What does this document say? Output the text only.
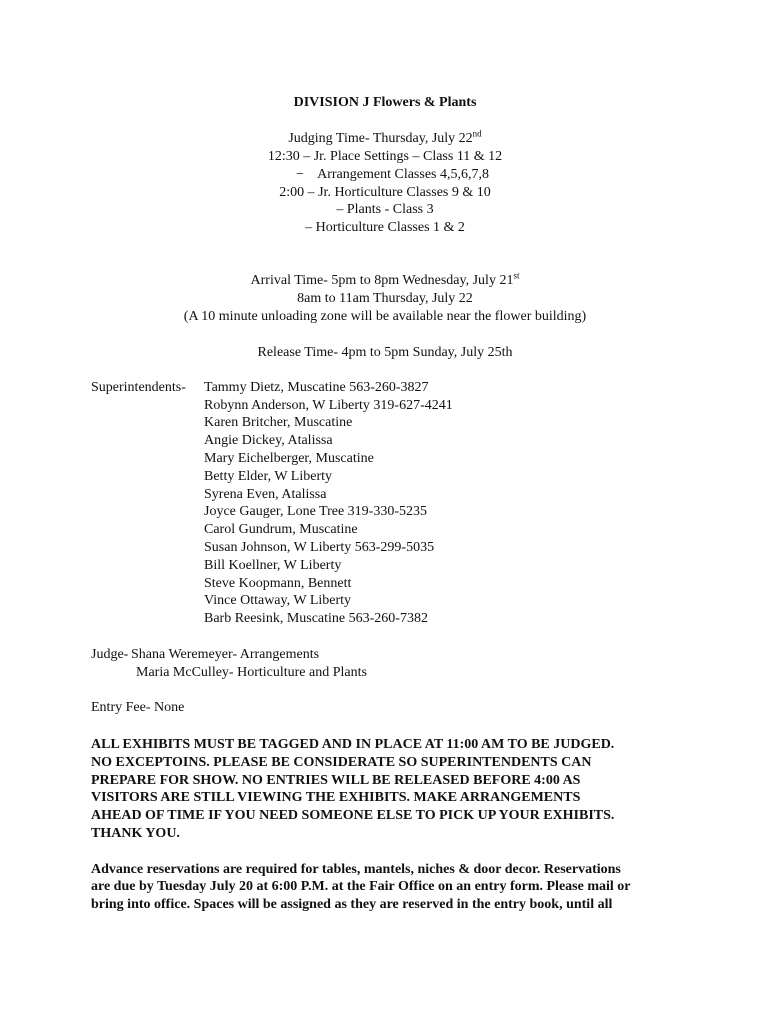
DIVISION J Flowers & Plants
Judging Time- Thursday, July 22nd
12:30 – Jr. Place Settings – Class 11 & 12
−    Arrangement Classes 4,5,6,7,8
2:00 – Jr. Horticulture Classes 9 & 10
– Plants - Class 3
– Horticulture Classes 1 & 2
Arrival Time- 5pm to 8pm Wednesday, July 21st
8am to 11am Thursday, July 22
(A 10 minute unloading zone will be available near the flower building)
Release Time- 4pm to 5pm Sunday, July 25th
Superintendents- Tammy Dietz, Muscatine 563-260-3827
Robynn Anderson, W Liberty 319-627-4241
Karen Britcher, Muscatine
Angie Dickey, Atalissa
Mary Eichelberger, Muscatine
Betty Elder, W Liberty
Syrena Even, Atalissa
Joyce Gauger, Lone Tree 319-330-5235
Carol Gundrum, Muscatine
Susan Johnson, W Liberty 563-299-5035
Bill Koellner, W Liberty
Steve Koopmann, Bennett
Vince Ottaway, W Liberty
Barb Reesink, Muscatine 563-260-7382
Judge- Shana Weremeyer- Arrangements
Maria McCulley- Horticulture and Plants
Entry Fee- None
ALL EXHIBITS MUST BE TAGGED AND IN PLACE AT 11:00 AM TO BE JUDGED.
NO EXCEPTOINS. PLEASE BE CONSIDERATE SO SUPERINTENDENTS CAN
PREPARE FOR SHOW. NO ENTRIES WILL BE RELEASED BEFORE 4:00 AS
VISITORS ARE STILL VIEWING THE EXHIBITS. MAKE ARRANGEMENTS
AHEAD OF TIME IF YOU NEED SOMEONE ELSE TO PICK UP YOUR EXHIBITS.
THANK YOU.
Advance reservations are required for tables, mantels, niches & door decor. Reservations
are due by Tuesday July 20 at 6:00 P.M. at the Fair Office on an entry form. Please mail or
bring into office. Spaces will be assigned as they are reserved in the entry book, until all
